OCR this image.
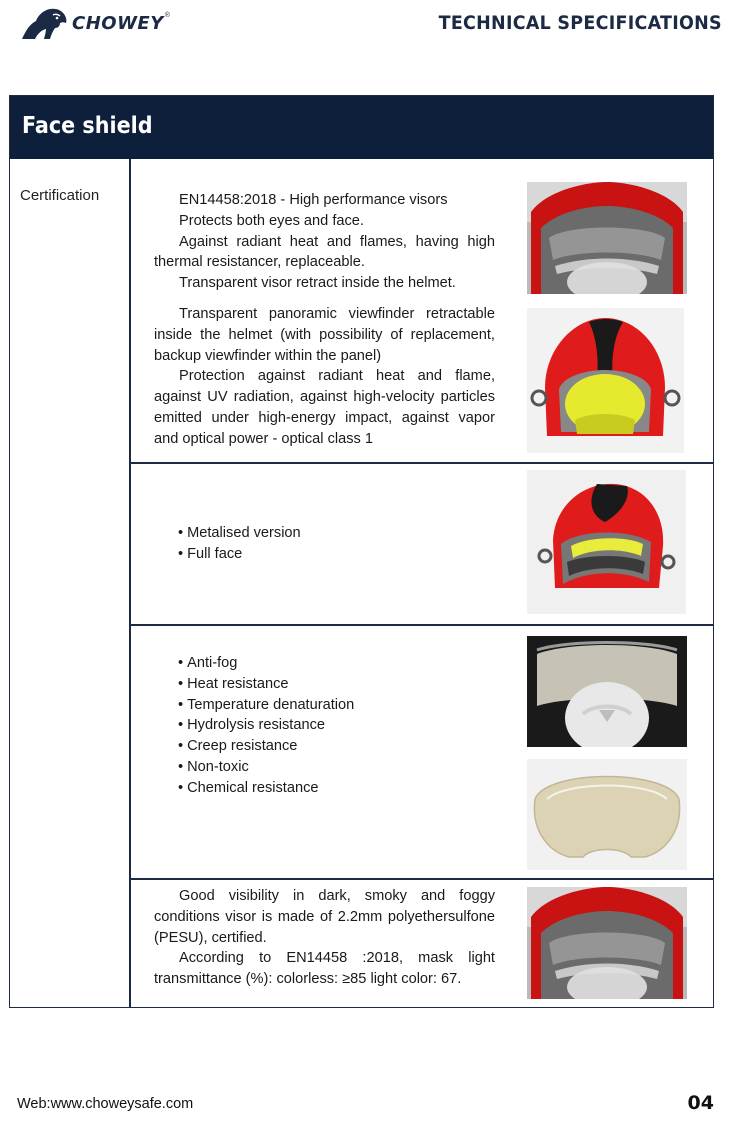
CHOWEY ®	TECHNICAL SPECIFICATIONS
Face shield
Certification	EN14458:2018 - High performance visors

Protects both eyes and face.

Against radiant heat and flames, having high thermal resistancer, replaceable.

Transparent visor retract inside the helmet.

Transparent panoramic viewfinder retractable inside the helmet (with possibility of replacement, backup viewfinder within the panel)

Protection against radiant heat and flame, against UV radiation, against high-velocity particles emitted under high-energy impact, against vapor and optical power - optical class 1

• Metalised version
• Full face
• Anti-fog
• Heat resistance
• Temperature denaturation
• Hydrolysis resistance
• Creep resistance
• Non-toxic
• Chemical resistance

Good visibility in dark, smoky and foggy conditions visor is made of 2.2mm polyethersulfone (PESU), certified.

According to EN14458 :2018, mask light transmittance (%): colorless: ≥85 light color: 67.

Web:www.choweysafe.com	04
